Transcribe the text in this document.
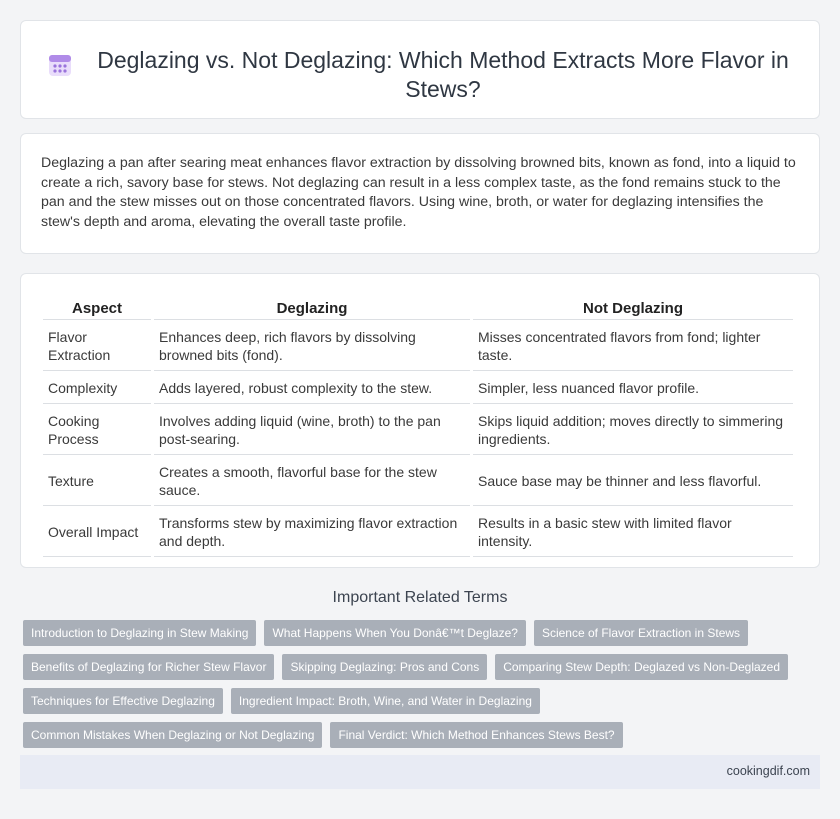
Deglazing vs. Not Deglazing: Which Method Extracts More Flavor in Stews?

Deglazing a pan after searing meat enhances flavor extraction by dissolving browned bits, known as fond, into a liquid to create a rich, savory base for stews. Not deglazing can result in a less complex taste, as the fond remains stuck to the pan and the stew misses out on those concentrated flavors. Using wine, broth, or water for deglazing intensifies the stew's depth and aroma, elevating the overall taste profile.

Aspect	Deglazing	Not Deglazing
Flavor Extraction	Enhances deep, rich flavors by dissolving browned bits (fond).	Misses concentrated flavors from fond; lighter taste.
Complexity	Adds layered, robust complexity to the stew.	Simpler, less nuanced flavor profile.
Cooking Process	Involves adding liquid (wine, broth) to the pan post-searing.	Skips liquid addition; moves directly to simmering ingredients.
Texture	Creates a smooth, flavorful base for the stew sauce.	Sauce base may be thinner and less flavorful.
Overall Impact	Transforms stew by maximizing flavor extraction and depth.	Results in a basic stew with limited flavor intensity.
Important Related Terms
Introduction to Deglazing in Stew Making	What Happens When You Donâ€™t Deglaze?	Science of Flavor Extraction in Stews
Benefits of Deglazing for Richer Stew Flavor	Skipping Deglazing: Pros and Cons	Comparing Stew Depth: Deglazed vs Non-Deglazed
Techniques for Effective Deglazing	Ingredient Impact: Broth, Wine, and Water in Deglazing
Common Mistakes When Deglazing or Not Deglazing	Final Verdict: Which Method Enhances Stews Best?
cookingdif.com
